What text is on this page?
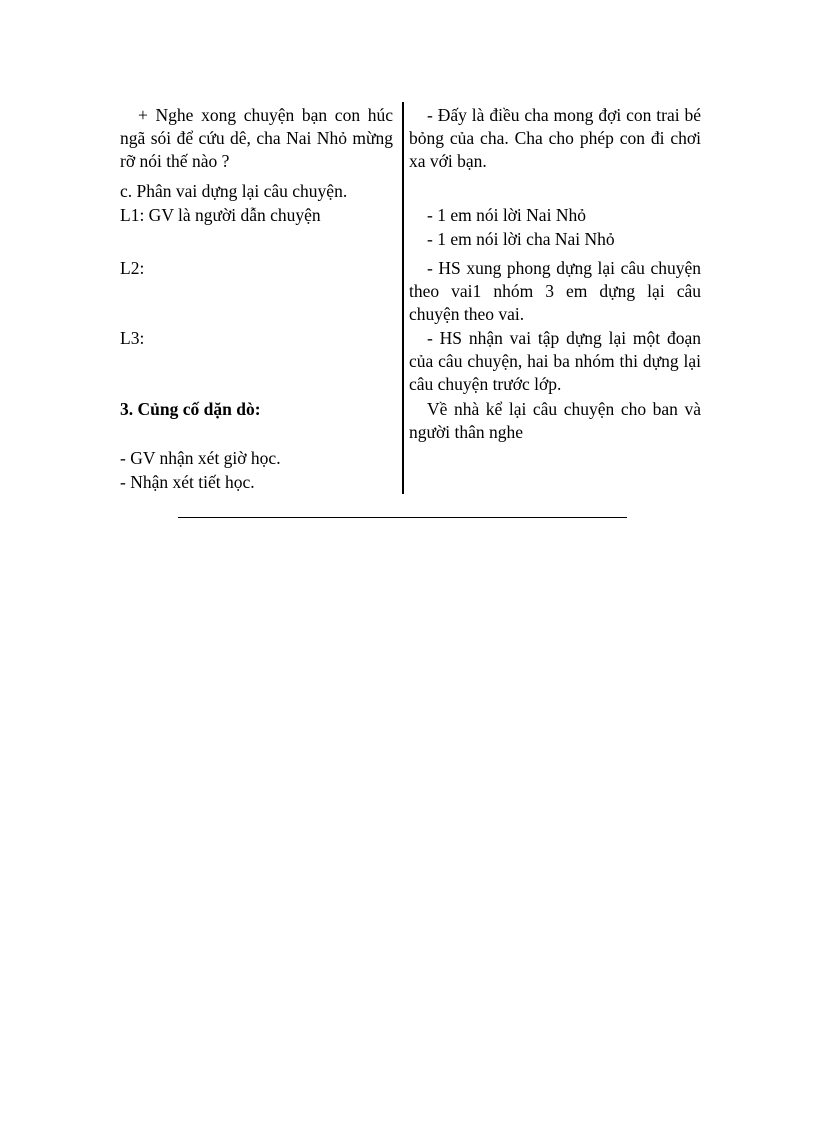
+ Nghe xong chuyện bạn con húc ngã sói để cứu dê, cha Nai Nhỏ mừng rỡ nói thế nào ?
c. Phân vai dựng lại câu chuyện.
L1: GV là người dẫn chuyện
L2:
L3:
3. Củng cố dặn dò:
- GV nhận xét giờ học.
- Nhận xét tiết học.
- Đấy là điều cha mong đợi con trai bé bỏng của cha. Cha cho phép con đi chơi xa với bạn.
- 1 em nói lời Nai Nhỏ
- 1 em nói lời cha Nai Nhỏ
- HS xung phong dựng lại câu chuyện theo vai1 nhóm 3 em dựng lại câu chuyện theo vai.
- HS nhận vai tập dựng lại một đoạn của câu chuyện, hai ba nhóm thi dựng lại câu chuyện trước lớp.
Về nhà kể lại câu chuyện cho ban và người thân nghe
